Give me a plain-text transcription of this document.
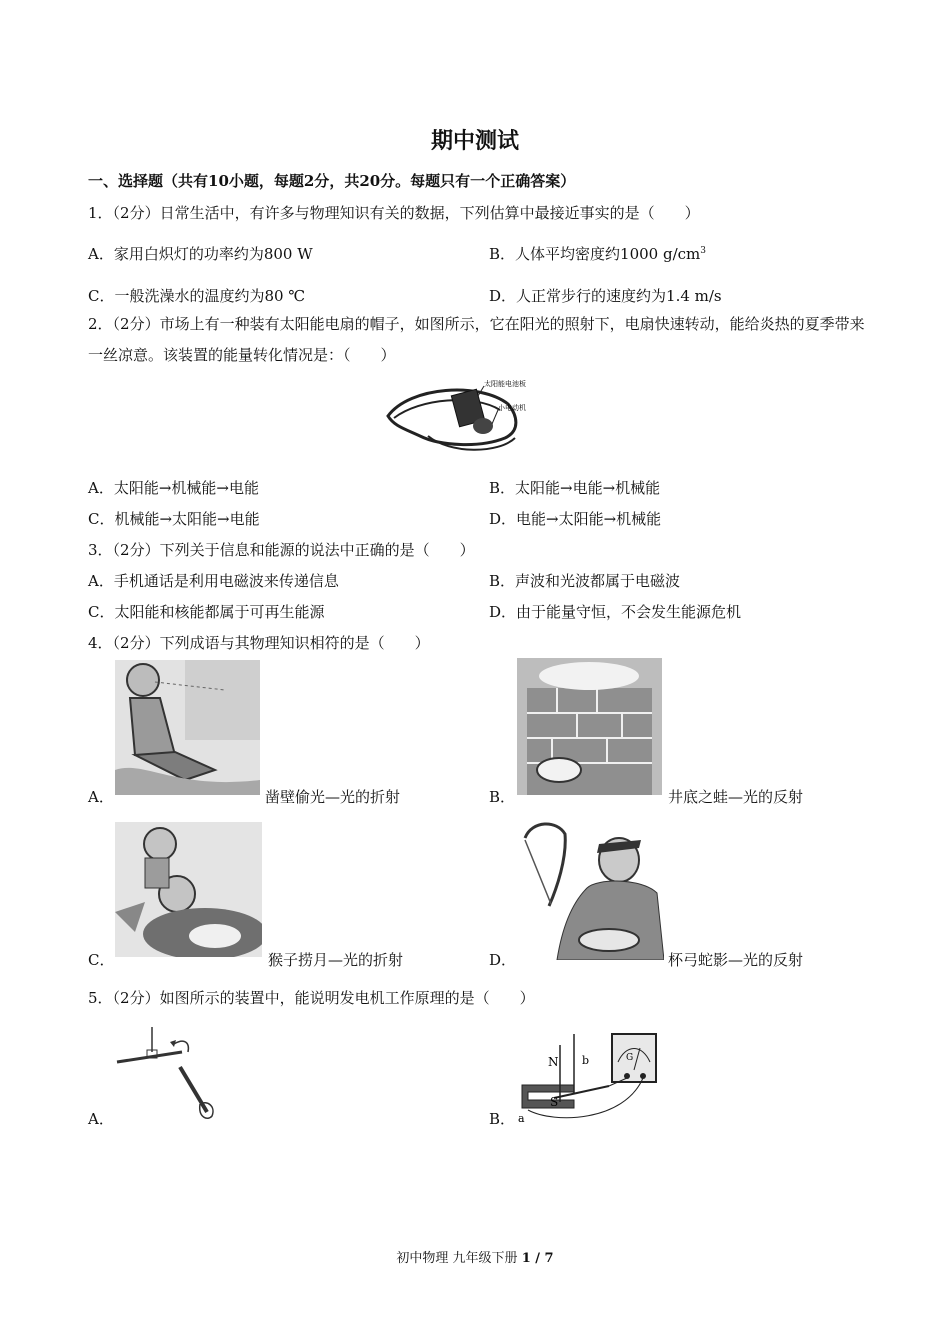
期中测试
一、选择题（共有10小题，每题2分，共20分。每题只有一个正确答案）
1．（2分）日常生活中，有许多与物理知识有关的数据，下列估算中最接近事实的是（　　）
A．家用白炽灯的功率约为800 W	B．人体平均密度约1000 $g/cm^3$
C．一般洗澡水的温度约为80 ℃	D．人正常步行的速度约为1.4 m/s
2．（2分）市场上有一种装有太阳能电扇的帽子，如图所示，它在阳光的照射下，电扇快速转动，能给炎热的夏季带来一丝凉意。该装置的能量转化情况是：（　　）
太阳能电池板
小电动机
A．太阳能→机械能→电能	B．太阳能→电能→机械能
C．机械能→太阳能→电能	D．电能→太阳能→机械能
3．（2分）下列关于信息和能源的说法中正确的是（　　）
A．手机通话是利用电磁波来传递信息	B．声波和光波都属于电磁波
C．太阳能和核能都属于可再生能源	D．由于能量守恒，不会发生能源危机
4．（2分）下列成语与其物理知识相符的是（　　）
A．	凿壁偷光—光的折射	B．	井底之蛙—光的反射
C．	猴子捞月—光的折射	D．	杯弓蛇影—光的反射
5．（2分）如图所示的装置中，能说明发电机工作原理的是（　　）
A．
N
S
a
b	G
B．
初中物理 九年级下册 1 / 7
